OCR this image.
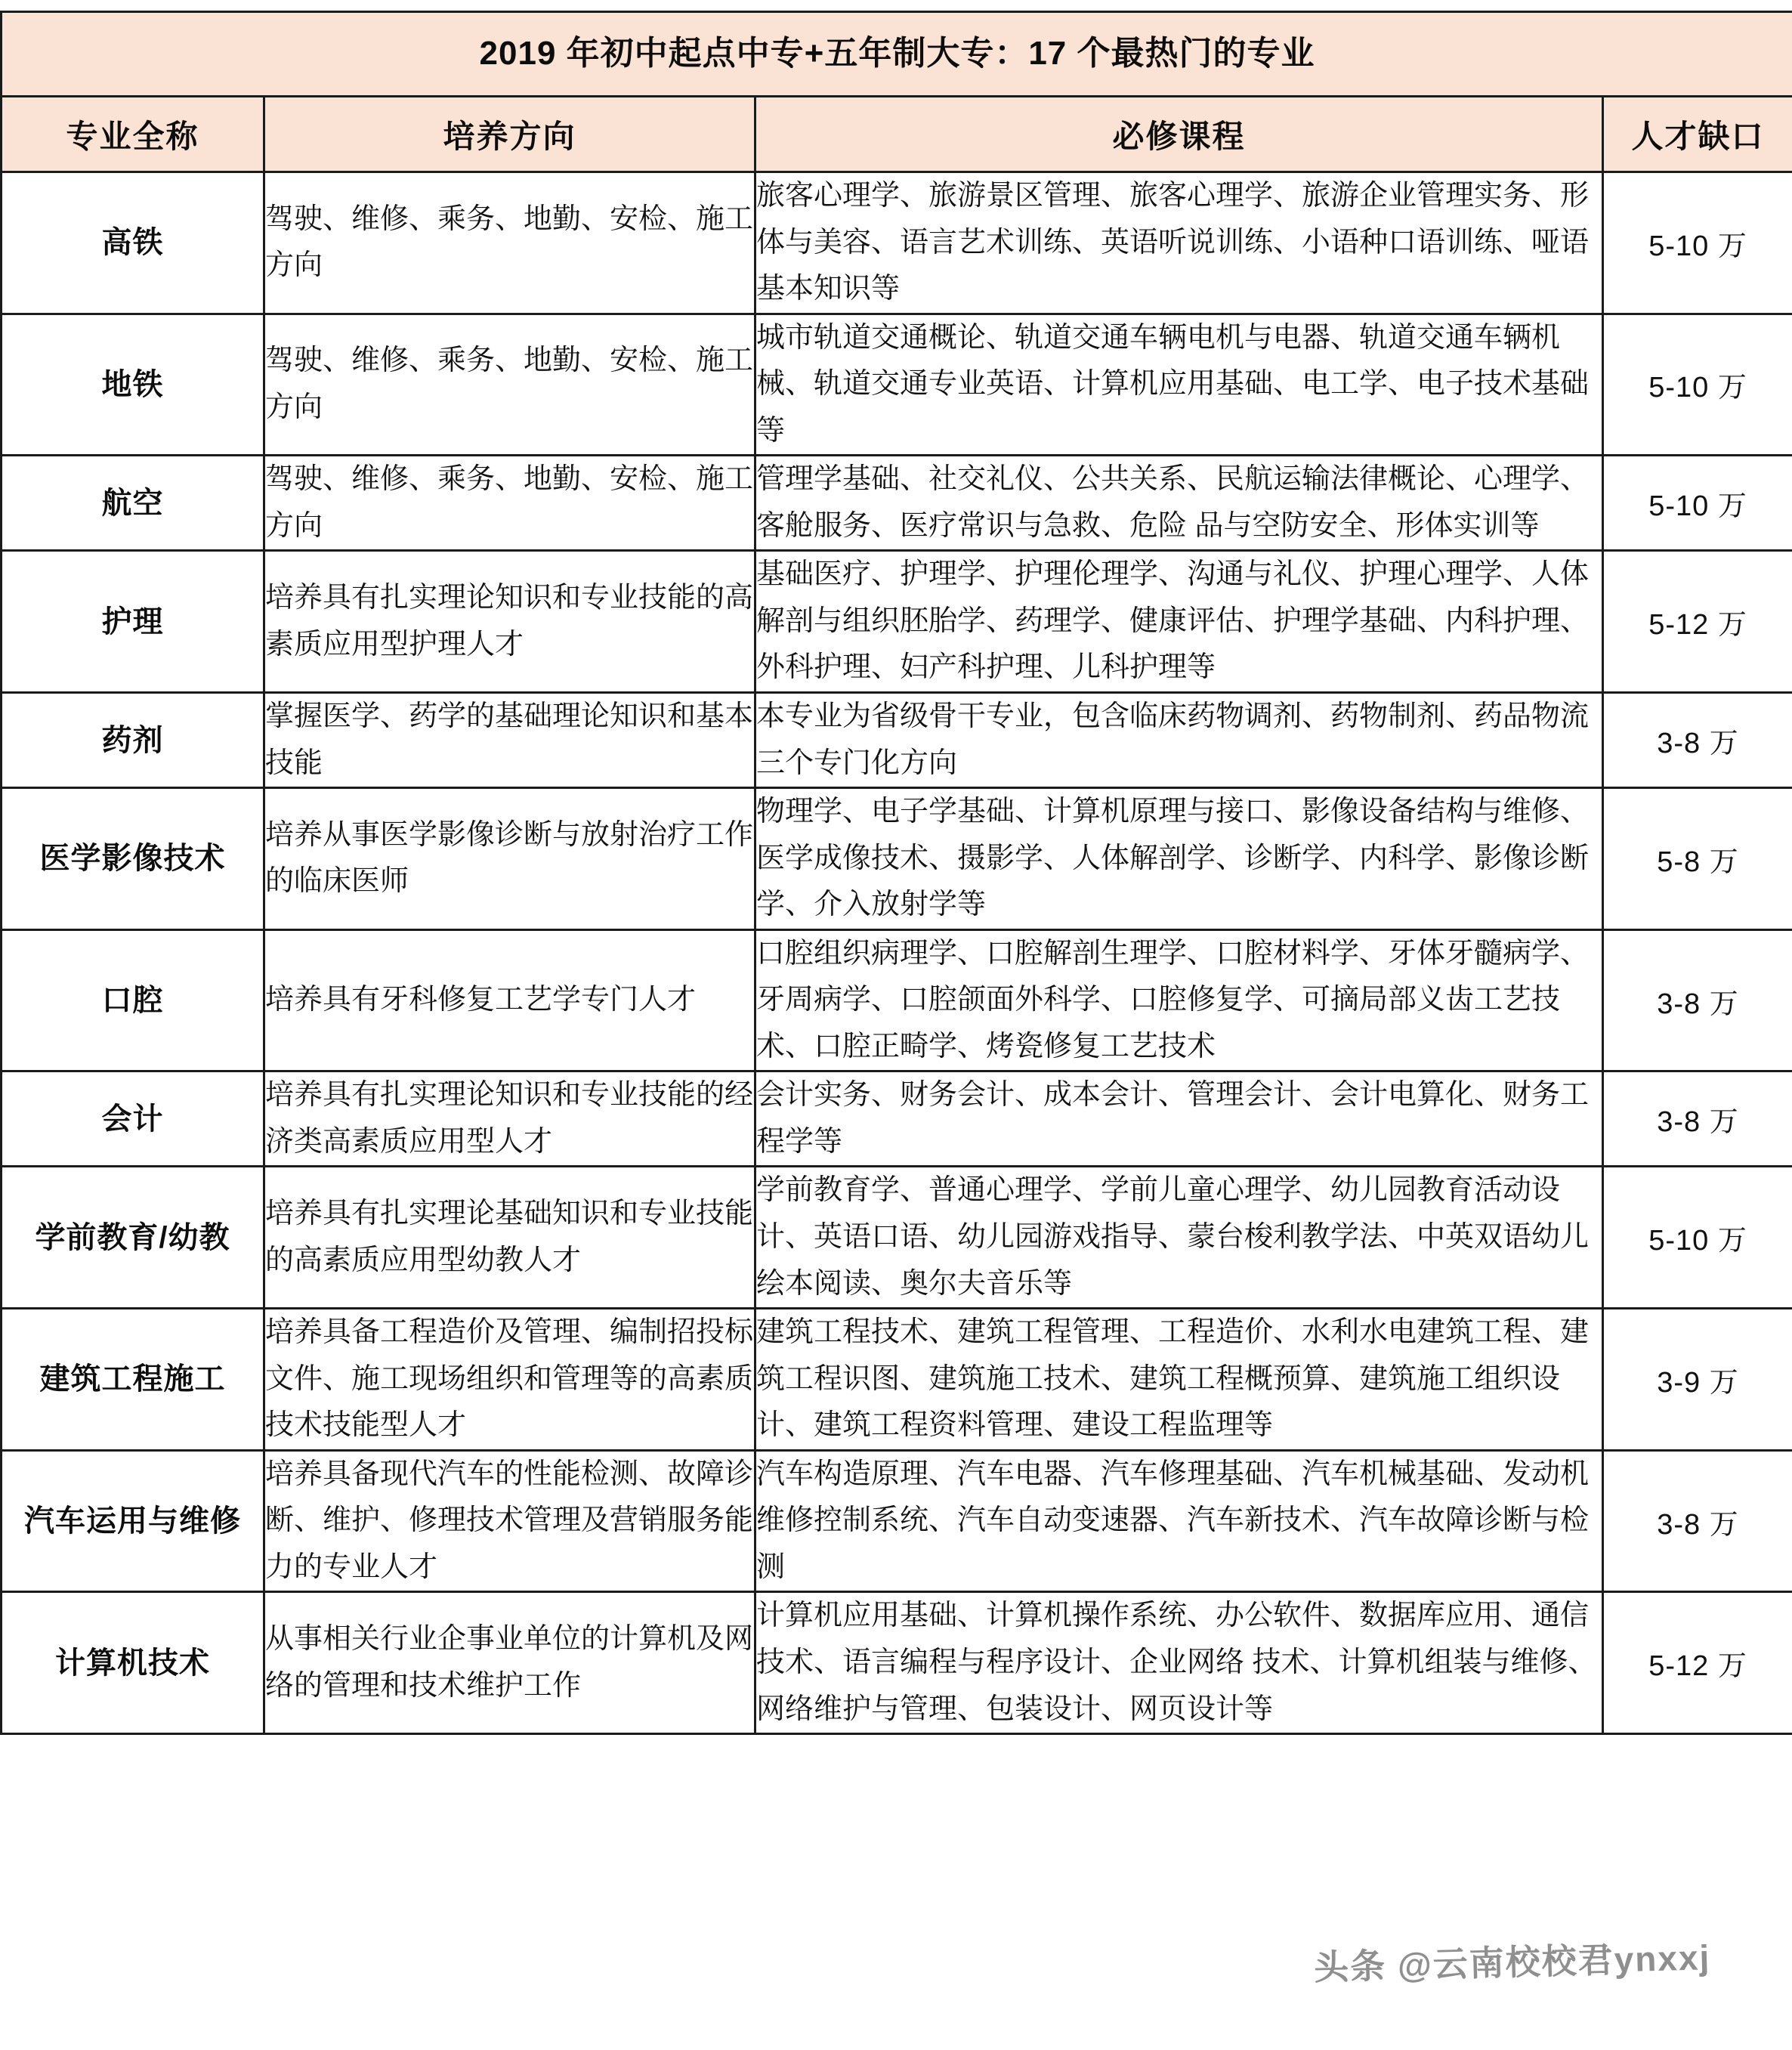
2019 年初中起点中专+五年制大专：17 个最热门的专业			
专业全称	培养方向	必修课程	人才缺口
高铁	驾驶、维修、乘务、地勤、安检、施工方向	旅客心理学、旅游景区管理、旅客心理学、旅游企业管理实务、形体与美容、语言艺术训练、英语听说训练、小语种口语训练、哑语基本知识等	5-10 万
地铁	驾驶、维修、乘务、地勤、安检、施工方向	城市轨道交通概论、轨道交通车辆电机与电器、轨道交通车辆机械、轨道交通专业英语、计算机应用基础、电工学、电子技术基础等	5-10 万
航空	驾驶、维修、乘务、地勤、安检、施工方向	管理学基础、社交礼仪、公共关系、民航运输法律概论、心理学、客舱服务、医疗常识与急救、危险 品与空防安全、形体实训等	5-10 万
护理	培养具有扎实理论知识和专业技能的高素质应用型护理人才	基础医疗、护理学、护理伦理学、沟通与礼仪、护理心理学、人体解剖与组织胚胎学、药理学、健康评估、护理学基础、内科护理、外科护理、妇产科护理、儿科护理等	5-12 万
药剂	掌握医学、药学的基础理论知识和基本技能	本专业为省级骨干专业，包含临床药物调剂、药物制剂、药品物流三个专门化方向	3-8 万
医学影像技术	培养从事医学影像诊断与放射治疗工作的临床医师	物理学、电子学基础、计算机原理与接口、影像设备结构与维修、医学成像技术、摄影学、人体解剖学、诊断学、内科学、影像诊断学、介入放射学等	5-8 万
口腔	培养具有牙科修复工艺学专门人才	口腔组织病理学、口腔解剖生理学、口腔材料学、牙体牙髓病学、牙周病学、口腔颌面外科学、口腔修复学、可摘局部义齿工艺技术、口腔正畸学、烤瓷修复工艺技术	3-8 万
会计	培养具有扎实理论知识和专业技能的经济类高素质应用型人才	会计实务、财务会计、成本会计、管理会计、会计电算化、财务工程学等	3-8 万
学前教育/幼教	培养具有扎实理论基础知识和专业技能的高素质应用型幼教人才	学前教育学、普通心理学、学前儿童心理学、幼儿园教育活动设计、英语口语、幼儿园游戏指导、蒙台梭利教学法、中英双语幼儿绘本阅读、奥尔夫音乐等	5-10 万
建筑工程施工	培养具备工程造价及管理、编制招投标文件、施工现场组织和管理等的高素质技术技能型人才	建筑工程技术、建筑工程管理、工程造价、水利水电建筑工程、建筑工程识图、建筑施工技术、建筑工程概预算、建筑施工组织设计、建筑工程资料管理、建设工程监理等	3-9 万
汽车运用与维修	培养具备现代汽车的性能检测、故障诊断、维护、修理技术管理及营销服务能力的专业人才	汽车构造原理、汽车电器、汽车修理基础、汽车机械基础、发动机维修控制系统、汽车自动变速器、汽车新技术、汽车故障诊断与检测	3-8 万
计算机技术	从事相关行业企事业单位的计算机及网络的管理和技术维护工作	计算机应用基础、计算机操作系统、办公软件、数据库应用、通信技术、语言编程与程序设计、企业网络 技术、计算机组装与维修、网络维护与管理、包装设计、网页设计等	5-12 万
头条 @云南校校君ynxxj
